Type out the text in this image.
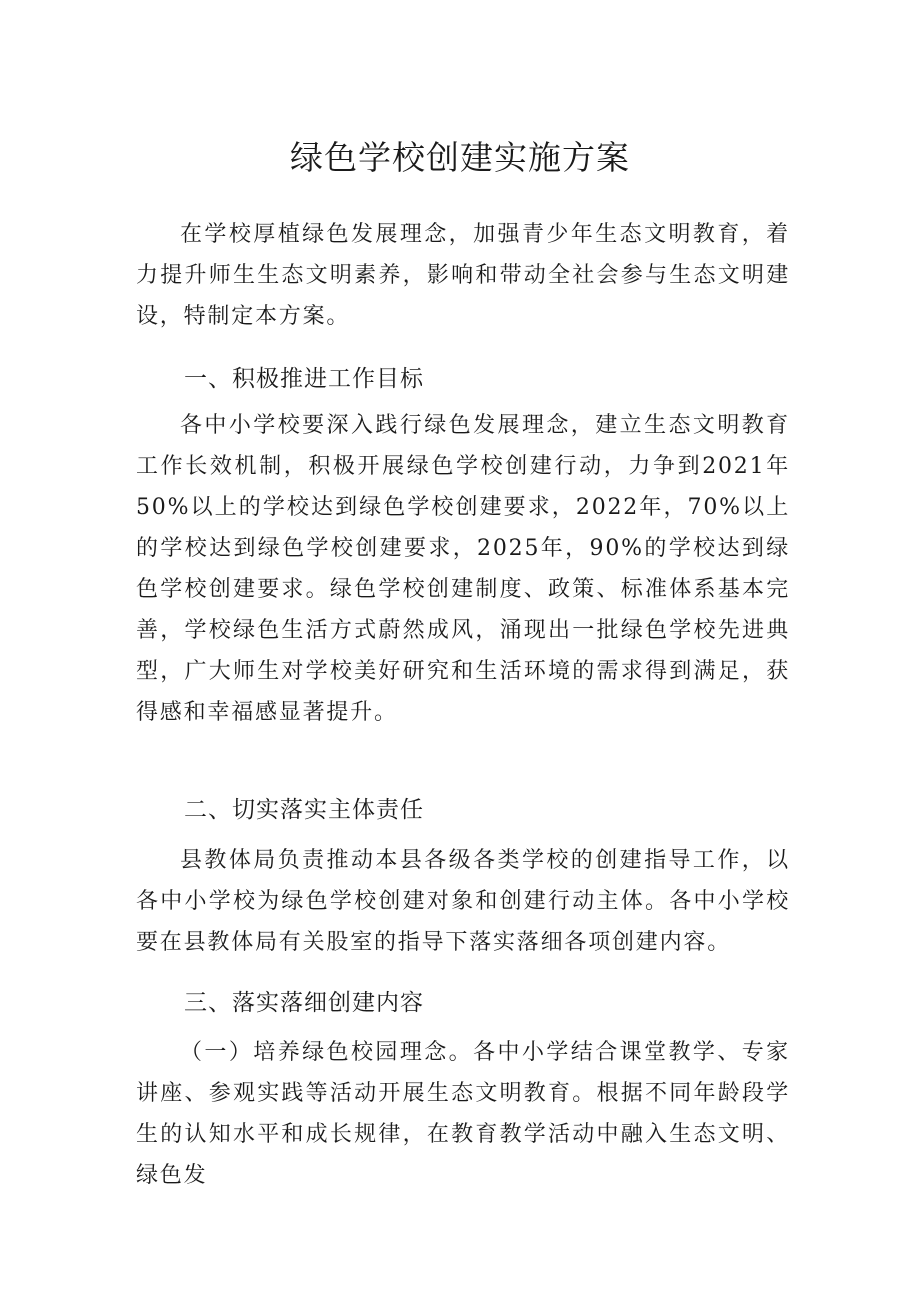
绿色学校创建实施方案

在学校厚植绿色发展理念，加强青少年生态文明教育，着力提升师生生态文明素养，影响和带动全社会参与生态文明建设，特制定本方案。

一、积极推进工作目标

各中小学校要深入践行绿色发展理念，建立生态文明教育工作长效机制，积极开展绿色学校创建行动，力争到2021年50%以上的学校达到绿色学校创建要求，2022年，70%以上的学校达到绿色学校创建要求，2025年，90%的学校达到绿色学校创建要求。绿色学校创建制度、政策、标准体系基本完善，学校绿色生活方式蔚然成风，涌现出一批绿色学校先进典型，广大师生对学校美好研究和生活环境的需求得到满足，获得感和幸福感显著提升。

二、切实落实主体责任

县教体局负责推动本县各级各类学校的创建指导工作，以各中小学校为绿色学校创建对象和创建行动主体。各中小学校要在县教体局有关股室的指导下落实落细各项创建内容。

三、落实落细创建内容

（一）培养绿色校园理念。各中小学结合课堂教学、专家讲座、参观实践等活动开展生态文明教育。根据不同年龄段学生的认知水平和成长规律，在教育教学活动中融入生态文明、绿色发
